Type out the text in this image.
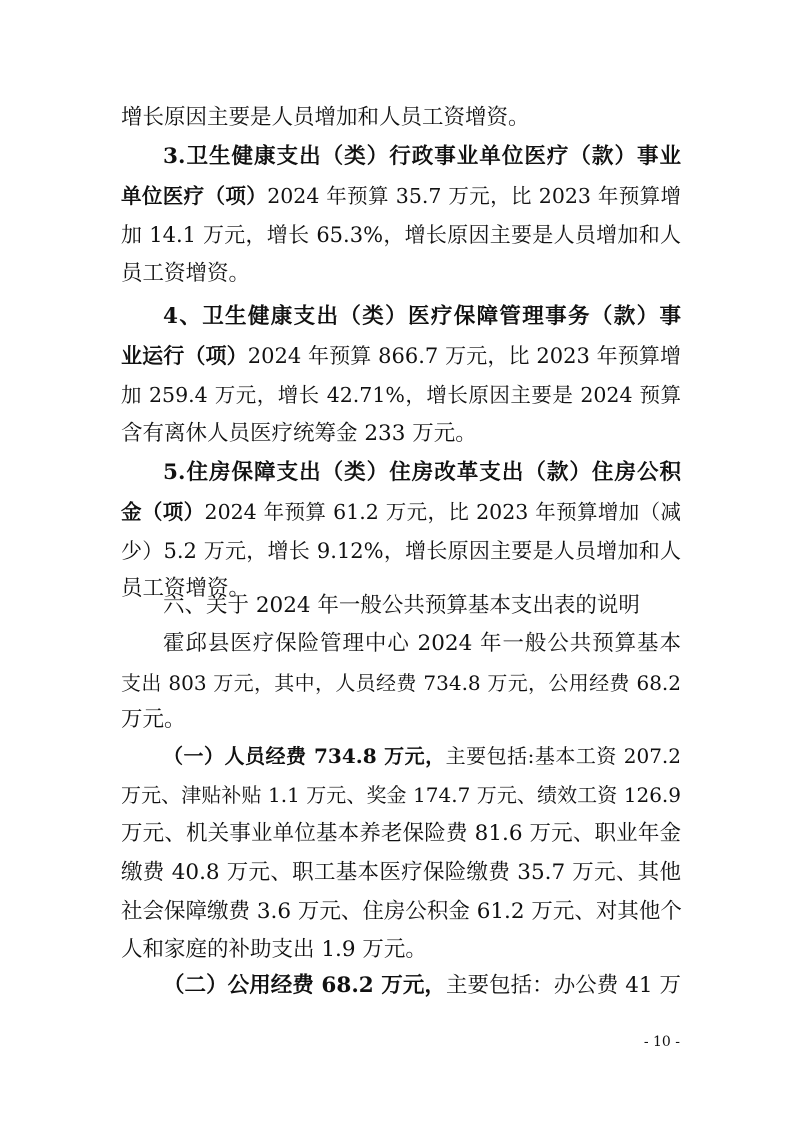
增长原因主要是人员增加和人员工资增资。
3.卫生健康支出（类）行政事业单位医疗（款）事业
单位医疗（项）2024 年预算 35.7 万元，比 2023 年预算增
加 14.1 万元，增长 65.3%，增长原因主要是人员增加和人
员工资增资。
4、卫生健康支出（类）医疗保障管理事务（款）事
业运行（项）2024 年预算 866.7 万元，比 2023 年预算增
加 259.4 万元，增长 42.71%，增长原因主要是 2024 预算
含有离休人员医疗统筹金 233 万元。
5.住房保障支出（类）住房改革支出（款）住房公积
金（项）2024 年预算 61.2 万元，比 2023 年预算增加（减
少）5.2 万元，增长 9.12%，增长原因主要是人员增加和人
员工资增资。
六、关于 2024 年一般公共预算基本支出表的说明
霍邱县医疗保险管理中心 2024 年一般公共预算基本
支出 803 万元，其中，人员经费 734.8 万元，公用经费 68.2
万元。
（一）人员经费 734.8 万元，主要包括:基本工资 207.2
万元、津贴补贴 1.1 万元、奖金 174.7 万元、绩效工资 126.9
万元、机关事业单位基本养老保险费 81.6 万元、职业年金
缴费 40.8 万元、职工基本医疗保险缴费 35.7 万元、其他
社会保障缴费 3.6 万元、住房公积金 61.2 万元、对其他个
人和家庭的补助支出 1.9 万元。
（二）公用经费 68.2 万元，主要包括：办公费 41 万
- 10 -
